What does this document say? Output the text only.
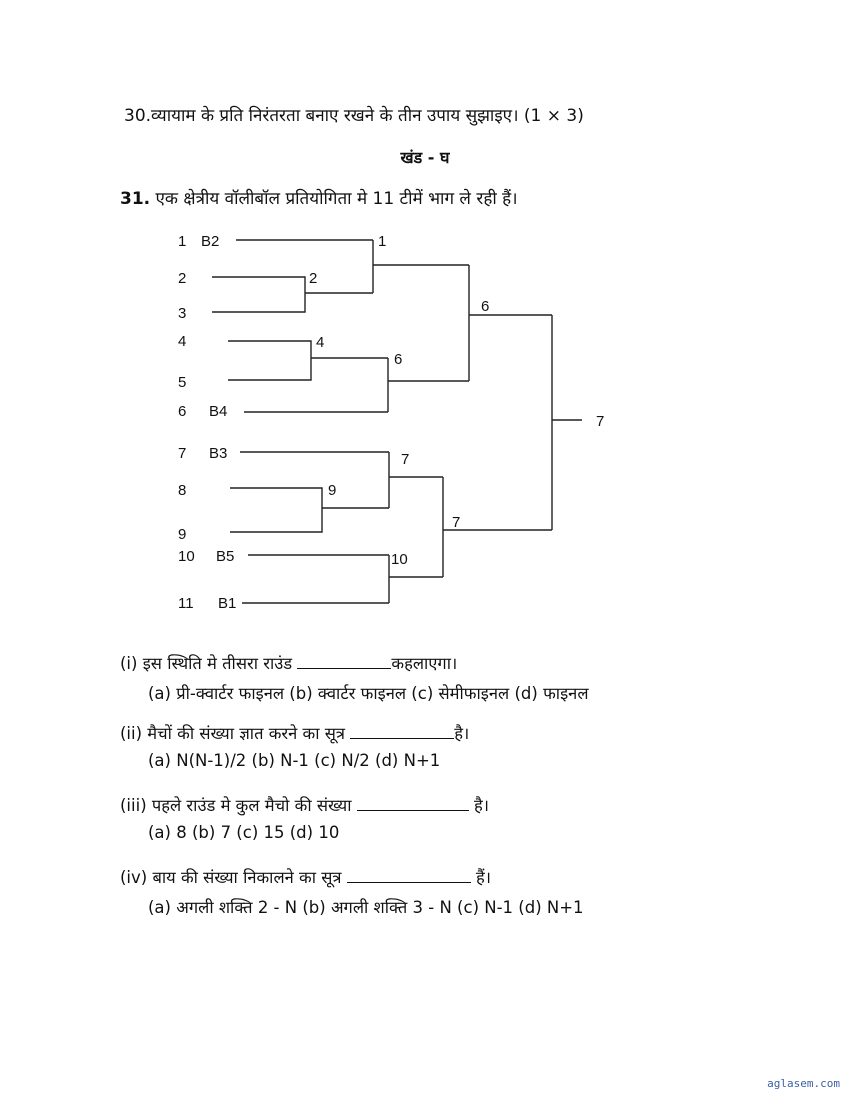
30.व्यायाम के प्रति निरंतरता बनाए रखने के तीन उपाय सुझाइए। (1 × 3)
खंड - घ
31. एक क्षेत्रीय वॉलीबॉल प्रतियोगिता मे 11 टीमें भाग ले रही हैं।
1 B2
2
3
4
5
6 B4
7 B3
8
9
10 B5
11 B1
1
2
4
6
6
7
9
10
7
7
(i) इस स्थिति मे तीसरा राउंड	कहलाएगा।
(a) प्री-क्वार्टर फाइनल (b) क्वार्टर फाइनल (c) सेमीफाइनल (d) फाइनल
(ii) मैचों की संख्या ज्ञात करने का सूत्र	है।
(a) N(N-1)/2 (b) N-1 (c) N/2 (d) N+1
(iii) पहले राउंड मे कुल मैचो की संख्या	है।
(a) 8 (b) 7 (c) 15 (d) 10
(iv) बाय की संख्या निकालने का सूत्र	हैं।
(a) अगली शक्ति 2 - N (b) अगली शक्ति 3 - N (c) N-1 (d) N+1
aglasem.com
